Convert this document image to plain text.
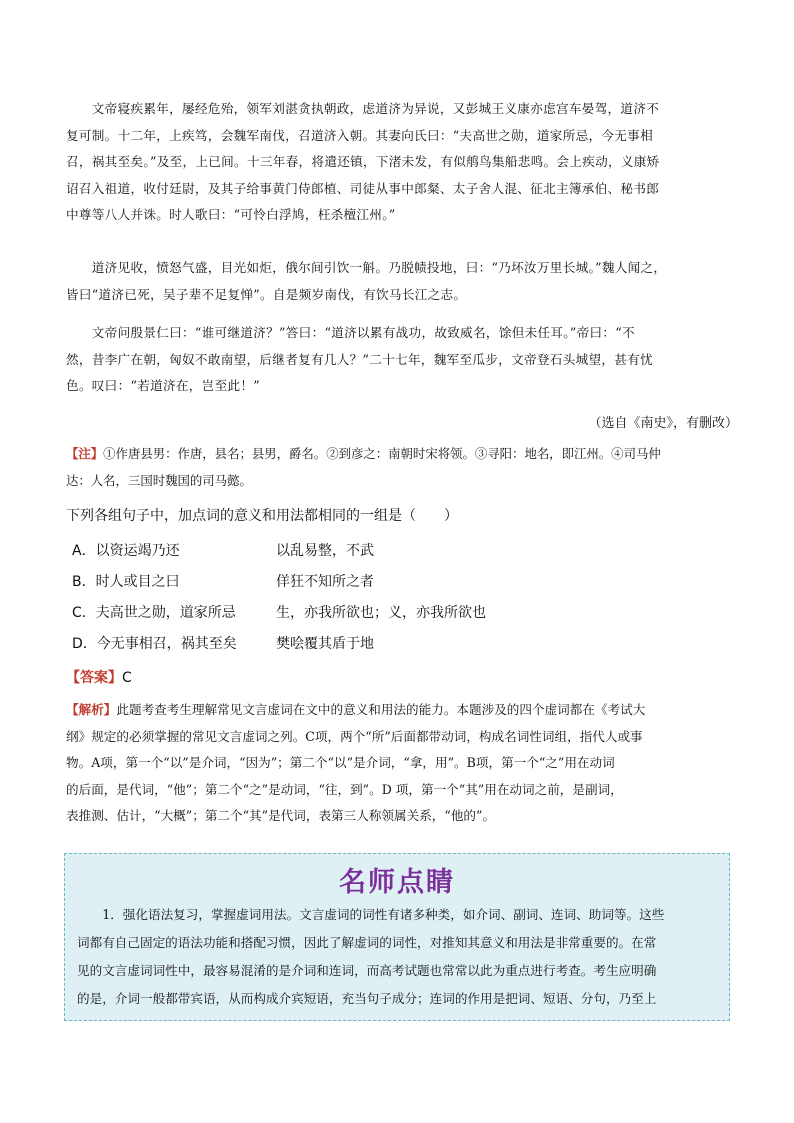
　　文帝寝疾累年，屡经危殆，领军刘湛贪执朝政，虑道济为异说，又彭城王义康亦虑宫车晏驾，道济不
复可制。十二年，上疾笃，会魏军南伐，召道济入朝。其妻向氏曰：“夫高世之勋，道家所忌，今无事相
召，祸其至矣。”及至，上已间。十三年春，将遣还镇，下渚未发，有似鸼鸟集船悲鸣。会上疾动，义康矫
诏召入祖道，收付廷尉，及其子给事黄门侍郎植、司徒从事中郎粲、太子舍人混、征北主簿承伯、秘书郎
中尊等八人并诛。时人歌曰：“可怜白浮鸠，枉杀檀江州。”
　　道济见收，愤怒气盛，目光如炬，俄尔间引饮一斛。乃脱帻投地，曰：“乃坏汝万里长城。”魏人闻之，
皆曰“道济已死，吴子辈不足复惮”。自是频岁南伐，有饮马长江之志。
　　文帝问殷景仁曰：“谁可继道济？”答曰：“道济以累有战功，故致威名，馀但未任耳。”帝曰：“不
然，昔李广在朝，匈奴不敢南望，后继者复有几人？”二十七年，魏军至瓜步，文帝登石头城望，甚有忧
色。叹曰：“若道济在，岂至此！”
（选自《南史》，有删改）
【注】①作唐县男：作唐，县名；县男，爵名。②到彦之：南朝时宋将领。③寻阳：地名，即江州。④司马仲
达：人名，三国时魏国的司马懿。
下列各组句子中，加点词的意义和用法都相同的一组是（　　）
A．以资运竭乃还	以乱易整，不武
B．时人或目之曰	佯狂不知所之者
C．夫高世之勋，道家所忌	生，亦我所欲也；义，亦我所欲也
D．今无事相召，祸其至矣	樊哙覆其盾于地
【答案】C
【解析】此题考查考生理解常见文言虚词在文中的意义和用法的能力。本题涉及的四个虚词都在《考试大
纲》规定的必须掌握的常见文言虚词之列。C项，两个“所”后面都带动词，构成名词性词组，指代人或事
物。A项，第一个“以”是介词，“因为”；第二个“以”是介词，“拿，用”。B项，第一个“之”用在动词
的后面，是代词，“他”；第二个“之”是动词，“往，到”。D 项，第一个“其”用在动词之前，是副词，
表推测、估计，“大概”；第二个“其”是代词，表第三人称领属关系，“他的”。
名师点睛
　　1．强化语法复习，掌握虚词用法。文言虚词的词性有诸多种类，如介词、副词、连词、助词等。这些
词都有自己固定的语法功能和搭配习惯，因此了解虚词的词性，对推知其意义和用法是非常重要的。在常
见的文言虚词词性中，最容易混淆的是介词和连词，而高考试题也常常以此为重点进行考查。考生应明确
的是，介词一般都带宾语，从而构成介宾短语，充当句子成分；连词的作用是把词、短语、分句，乃至上
